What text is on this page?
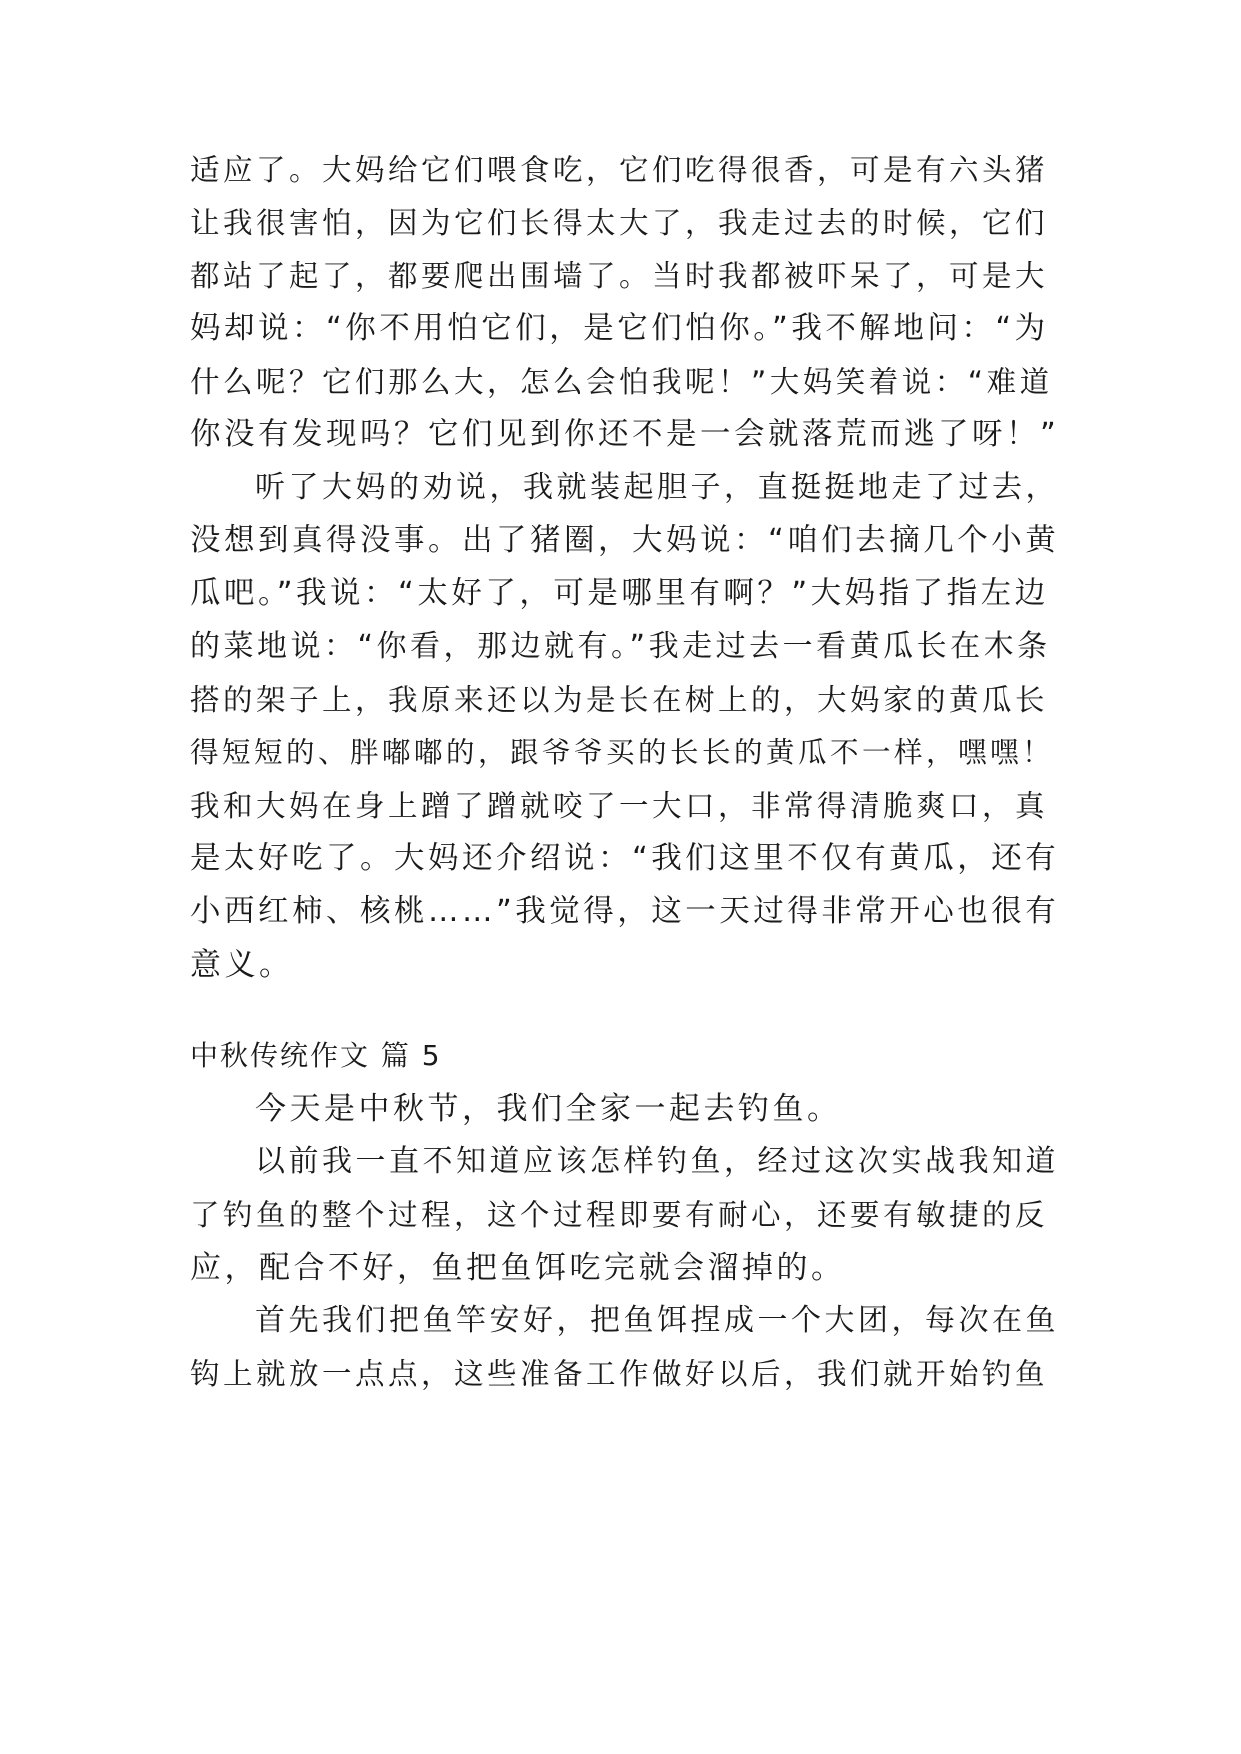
适应了。大妈给它们喂食吃，它们吃得很香，可是有六头猪
让我很害怕，因为它们长得太大了，我走过去的时候，它们
都站了起了，都要爬出围墙了。当时我都被吓呆了，可是大
妈却说：“你不用怕它们，是它们怕你。”我不解地问：“为
什么呢？它们那么大，怎么会怕我呢！”大妈笑着说：“难道
你没有发现吗？它们见到你还不是一会就落荒而逃了呀！”
听了大妈的劝说，我就装起胆子，直挺挺地走了过去，
没想到真得没事。出了猪圈，大妈说：“咱们去摘几个小黄
瓜吧。”我说：“太好了，可是哪里有啊？”大妈指了指左边
的菜地说：“你看，那边就有。”我走过去一看黄瓜长在木条
搭的架子上，我原来还以为是长在树上的，大妈家的黄瓜长
得短短的、胖嘟嘟的，跟爷爷买的长长的黄瓜不一样，嘿嘿！
我和大妈在身上蹭了蹭就咬了一大口，非常得清脆爽口，真
是太好吃了。大妈还介绍说：“我们这里不仅有黄瓜，还有
小西红柿、核桃……”我觉得，这一天过得非常开心也很有
意义。
中秋传统作文 篇 5
今天是中秋节，我们全家一起去钓鱼。
以前我一直不知道应该怎样钓鱼，经过这次实战我知道
了钓鱼的整个过程，这个过程即要有耐心，还要有敏捷的反
应，配合不好，鱼把鱼饵吃完就会溜掉的。
首先我们把鱼竿安好，把鱼饵捏成一个大团，每次在鱼
钩上就放一点点，这些准备工作做好以后，我们就开始钓鱼
